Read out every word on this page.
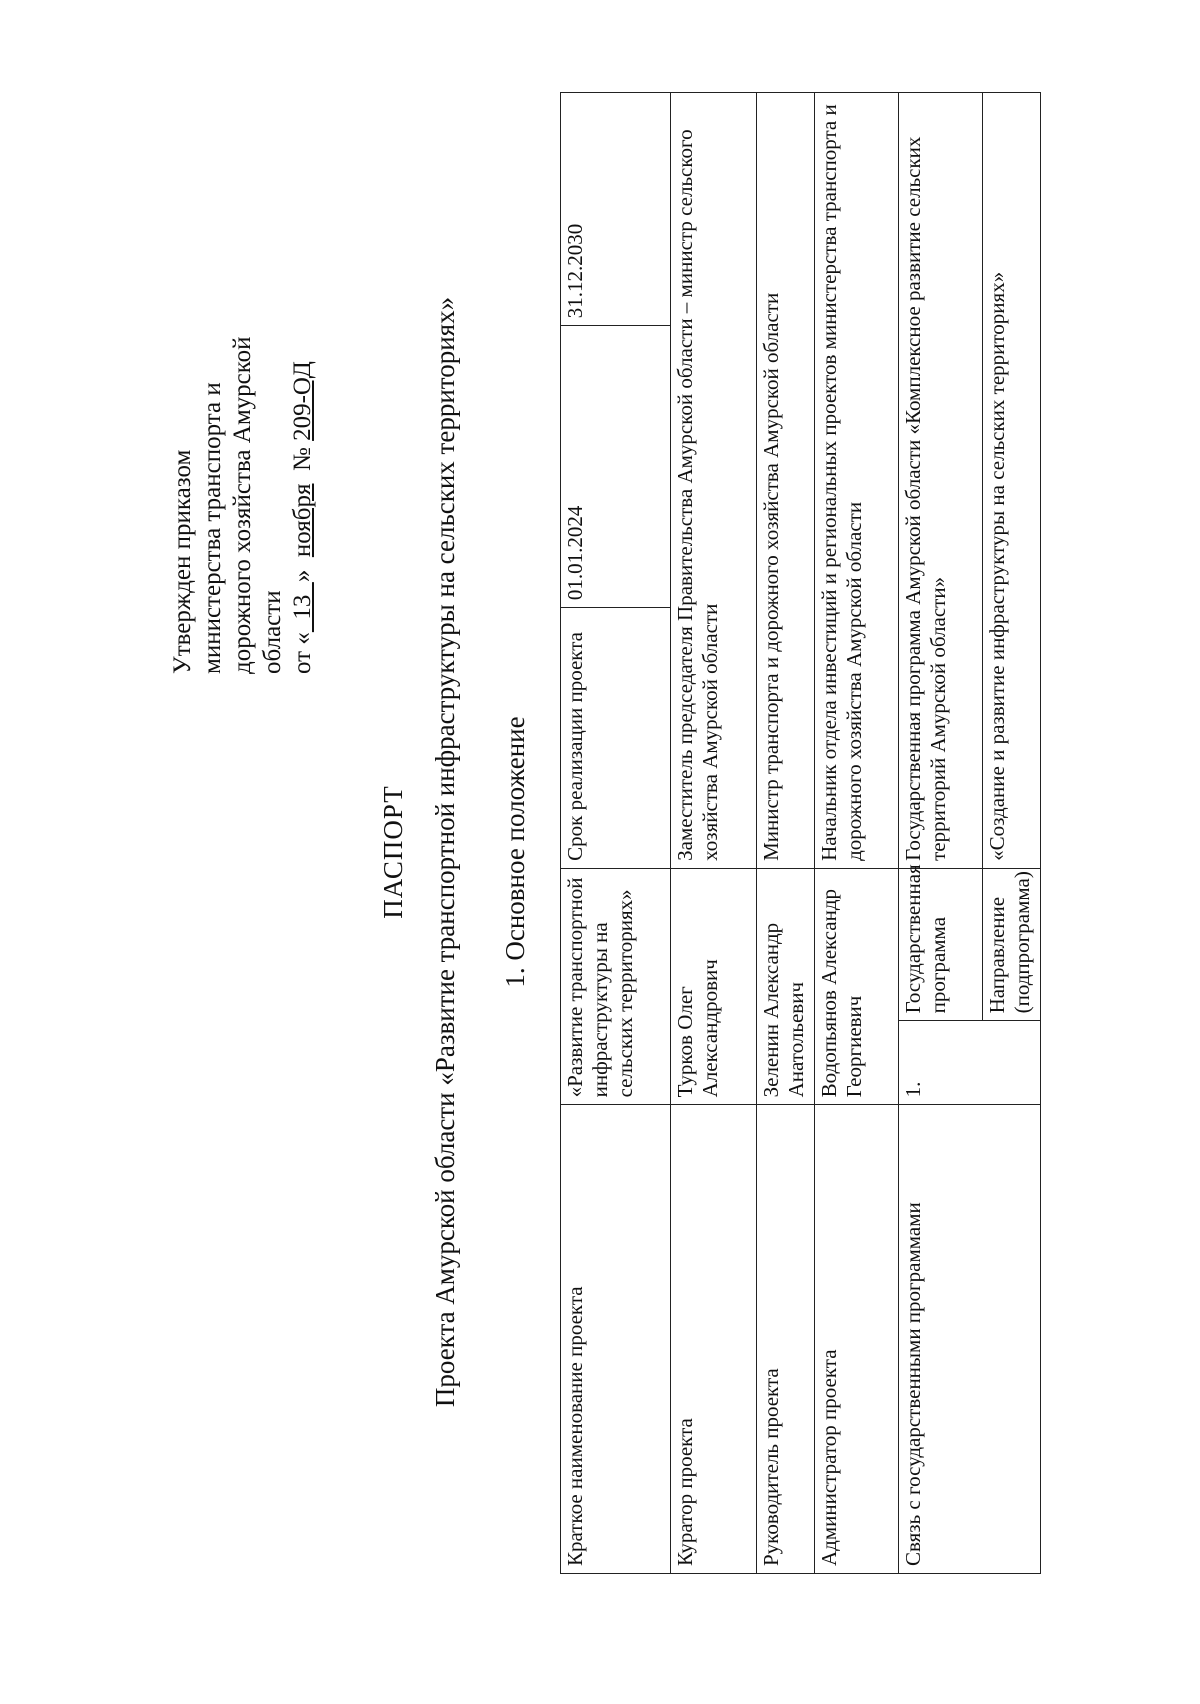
Утвержден приказом министерства транспорта и дорожного хозяйства Амурской области от «  13  »  ноября  № 209-ОД
ПАСПОРТ Проекта Амурской области «Развитие транспортной инфраструктуры на сельских территориях» 1. Основное положение
Краткое наименование проекта	«Развитие транспортной инфраструктуры на сельских территориях»		Срок реализации проекта	01.01.2024	31.12.2030
Куратор проекта	Турков Олег Александрович		Заместитель председателя Правительства Амурской области – министр сельского хозяйства Амурской области		
Руководитель проекта	Зеленин Александр Анатольевич		Министр транспорта и дорожного хозяйства Амурской области		
Администратор проекта	Водопьянов Александр Георгиевич		Начальник отдела инвестиций и региональных проектов министерства транспорта и дорожного хозяйства Амурской области		
Связь с государственными программами	1.	Государственная программа	Государственная программа Амурской области «Комплексное развитие сельских территорий Амурской области»		
		Направление (подпрограмма)	«Создание и развитие инфраструктуры на сельских территориях»		
